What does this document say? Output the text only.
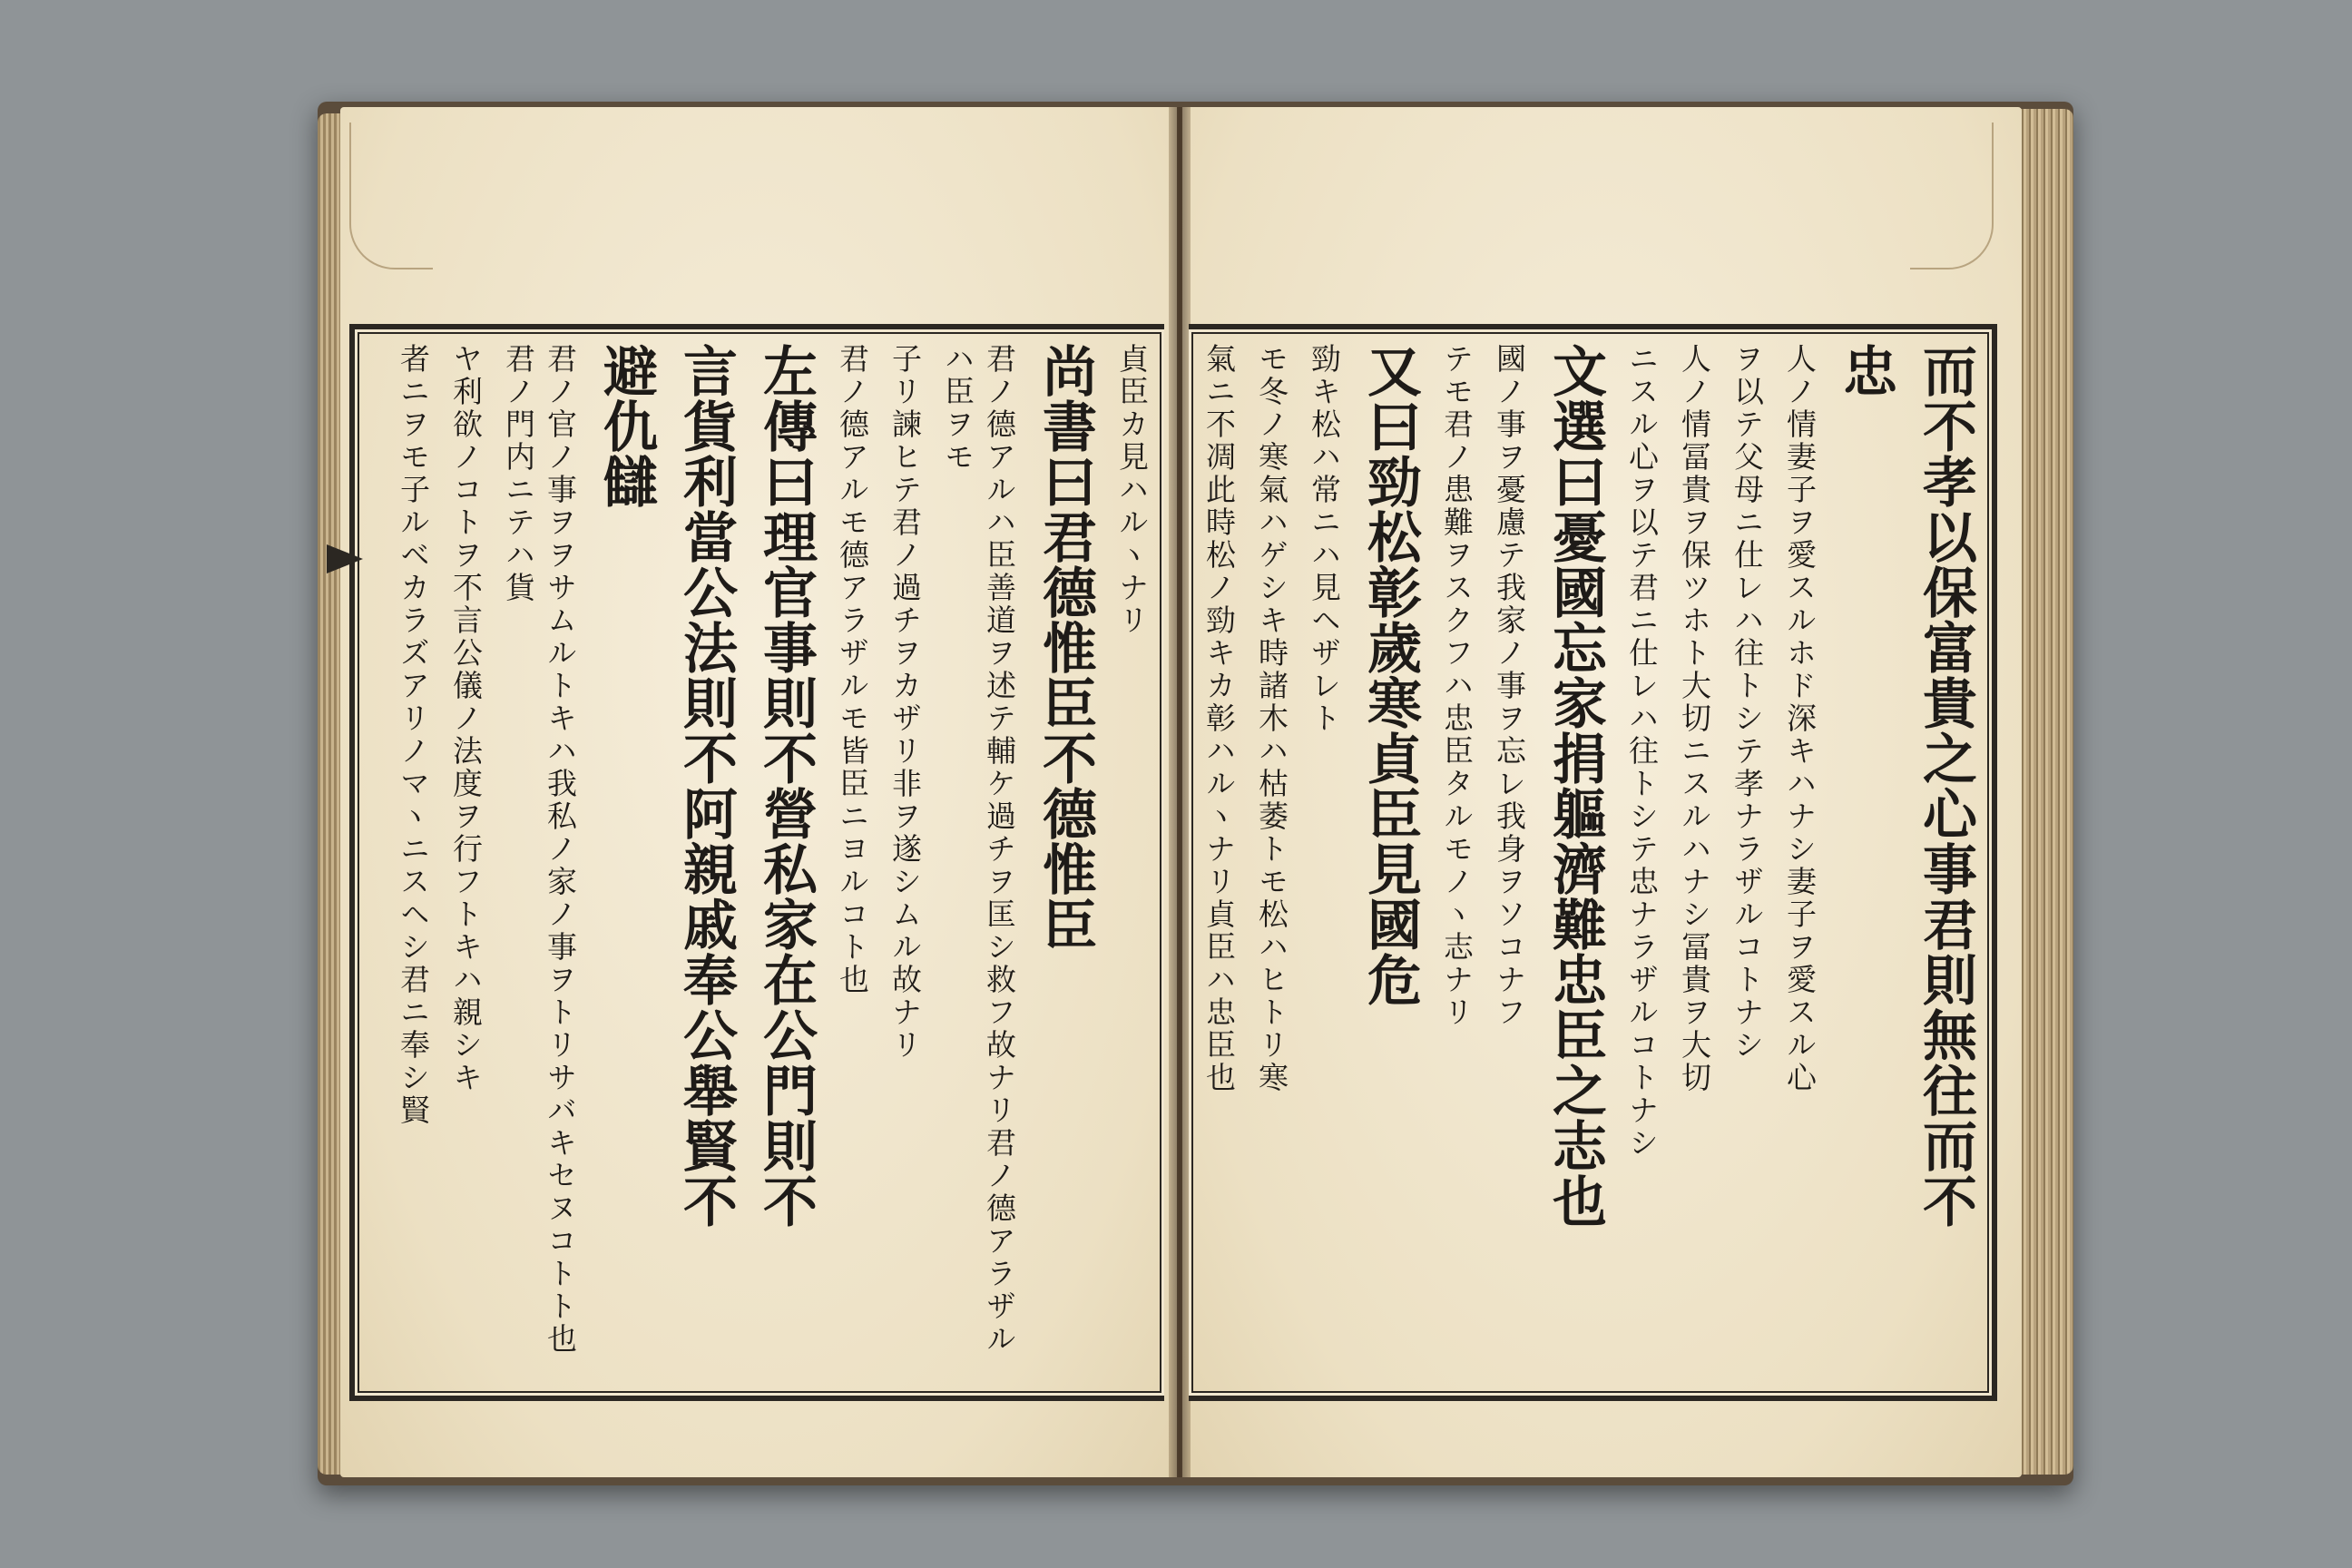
貞臣カ見ハルヽナリ
尚書曰君德惟臣不德惟臣
君ノ德アルハ臣善道ヲ述テ輔ケ過チヲ匡シ救フ故ナリ君ノ德アラザルハ臣ヲモ
子リ諫ヒテ君ノ過チヲカザリ非ヲ遂シムル故ナリ
君ノ德アルモ德アラザルモ皆臣ニヨルコト也
左傳曰理官事則不營私家在公門則不
言貨利當公法則不阿親戚奉公舉賢不
避仇讎
君ノ官ノ事ヲヲサムルトキハ我私ノ家ノ事ヲトリサバキセヌコトト也君ノ門内ニテハ貨
ヤ利欲ノコトヲ不言公儀ノ法度ヲ行フトキハ親シキ
者ニヲモ子ルベカラズアリノマヽニスヘシ君ニ奉シ賢	而不孝以保富貴之心事君則無往而不
忠
人ノ情妻子ヲ愛スルホド深キハナシ妻子ヲ愛スル心
ヲ以テ父母ニ仕レハ往トシテ孝ナラザルコトナシ
人ノ情冨貴ヲ保ツホト大切ニスルハナシ冨貴ヲ大切
ニスル心ヲ以テ君ニ仕レハ往トシテ忠ナラザルコトナシ
文選曰憂國忘家捐軀濟難忠臣之志也
國ノ事ヲ憂慮テ我家ノ事ヲ忘レ我身ヲソコナフ
テモ君ノ患難ヲスクフハ忠臣タルモノヽ志ナリ
又曰勁松彰歲寒貞臣見國危
勁キ松ハ常ニハ見ヘザレト
モ冬ノ寒氣ハゲシキ時諸木ハ枯萎トモ松ハヒトリ寒
氣ニ不凋此時松ノ勁キカ彰ハルヽナリ貞臣ハ忠臣也
